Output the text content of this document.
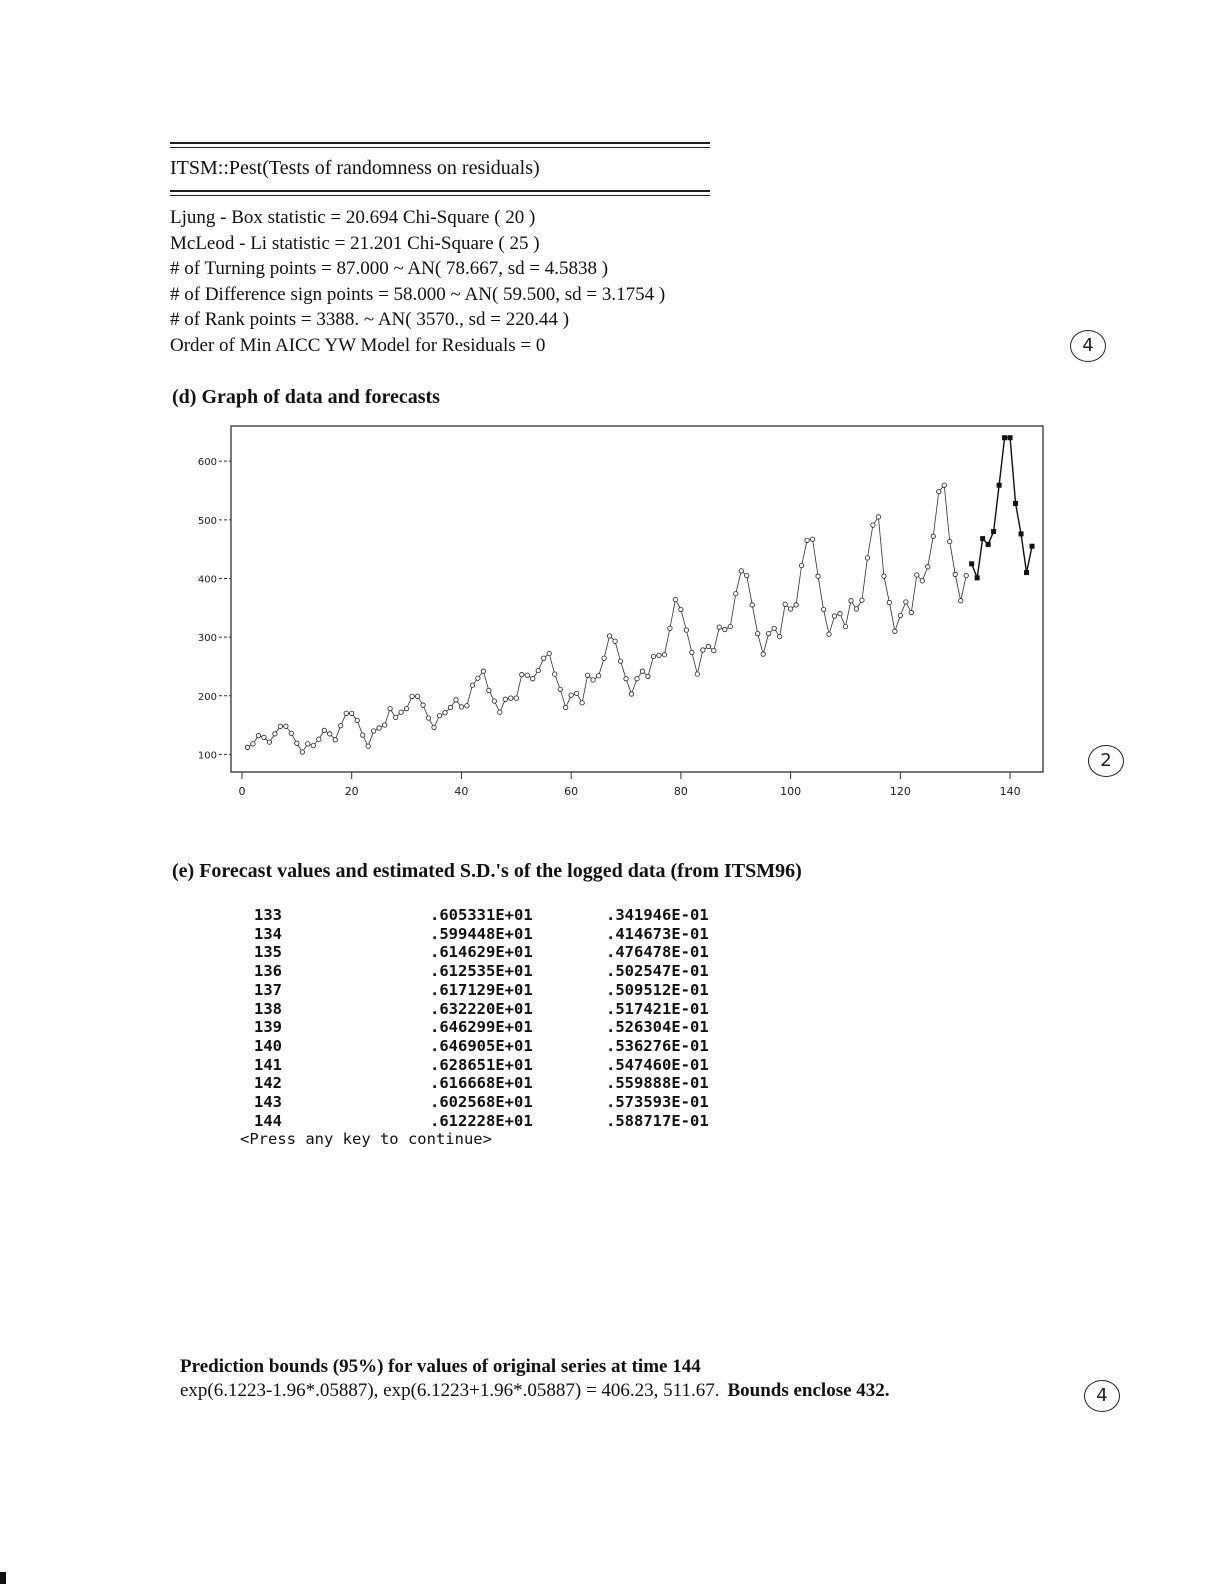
ITSM::Pest(Tests of randomness on residuals)
Ljung - Box statistic = 20.694 Chi-Square ( 20 )
McLeod - Li statistic = 21.201 Chi-Square ( 25 )
# of Turning points = 87.000 ~ AN( 78.667, sd = 4.5838 )
# of Difference sign points = 58.000 ~ AN( 59.500, sd = 3.1754 )
# of Rank points = 3388. ~ AN( 3570., sd = 220.44 )
Order of Min AICC YW Model for Residuals = 0	4
2
4
(d) Graph of data and forecasts
100
200
300
400
500
600
0	20	40	60	80	100	120	140
(e) Forecast values and estimated S.D.'s of the logged data (from ITSM96)
133	.605331E+01	.341946E-01
134	.599448E+01	.414673E-01
135	.614629E+01	.476478E-01
136	.612535E+01	.502547E-01
137	.617129E+01	.509512E-01
138	.632220E+01	.517421E-01
139	.646299E+01	.526304E-01
140	.646905E+01	.536276E-01
141	.628651E+01	.547460E-01
142	.616668E+01	.559888E-01
143	.602568E+01	.573593E-01
144	.612228E+01	.588717E-01
<Press any key to continue>
Prediction bounds (95%) for values of original series at time 144
exp(6.1223-1.96*.05887), exp(6.1223+1.96*.05887) = 406.23, 511.67. Bounds enclose 432.
